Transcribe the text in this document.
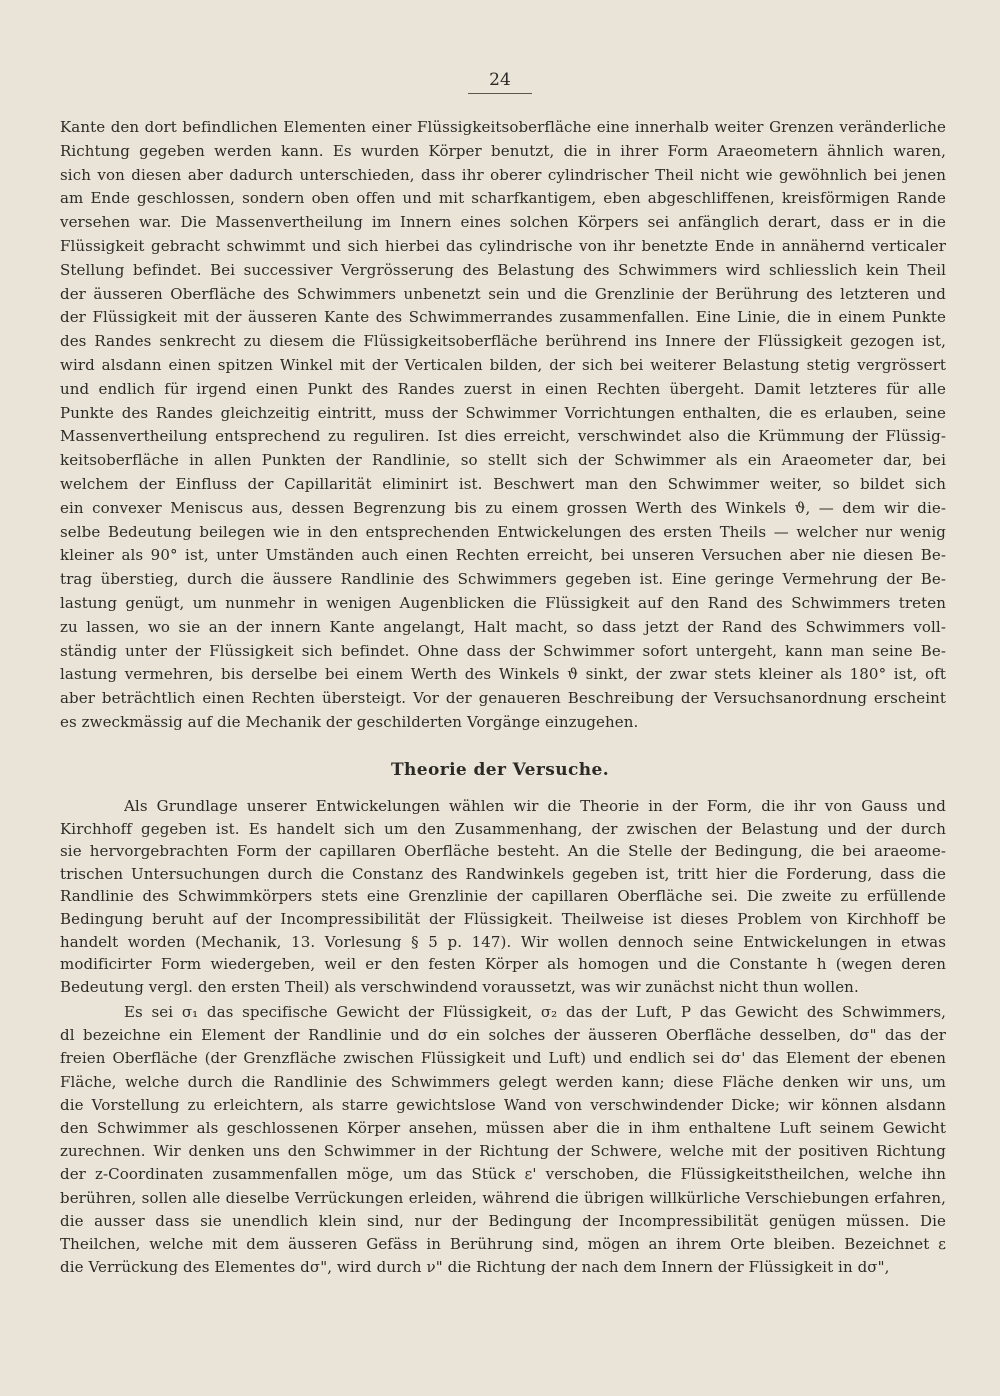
24
Kante den dort befindlichen Elementen einer Flüssigkeitsoberfläche eine innerhalb weiter Grenzen veränderliche
Richtung gegeben werden kann. Es wurden Körper benutzt, die in ihrer Form Araeometern ähnlich waren,
sich von diesen aber dadurch unterschieden, dass ihr oberer cylindrischer Theil nicht wie gewöhnlich bei jenen
am Ende geschlossen, sondern oben offen und mit scharfkantigem, eben abgeschliffenen, kreisförmigen Rande
versehen war. Die Massenvertheilung im Innern eines solchen Körpers sei anfänglich derart, dass er in die
Flüssigkeit gebracht schwimmt und sich hierbei das cylindrische von ihr benetzte Ende in annähernd verticaler
Stellung befindet. Bei successiver Vergrösserung des Belastung des Schwimmers wird schliesslich kein Theil
der äusseren Oberfläche des Schwimmers unbenetzt sein und die Grenzlinie der Berührung des letzteren und
der Flüssigkeit mit der äusseren Kante des Schwimmerrandes zusammenfallen. Eine Linie, die in einem Punkte
des Randes senkrecht zu diesem die Flüssigkeitsoberfläche berührend ins Innere der Flüssigkeit gezogen ist,
wird alsdann einen spitzen Winkel mit der Verticalen bilden, der sich bei weiterer Belastung stetig vergrössert
und endlich für irgend einen Punkt des Randes zuerst in einen Rechten übergeht. Damit letzteres für alle
Punkte des Randes gleichzeitig eintritt, muss der Schwimmer Vorrichtungen enthalten, die es erlauben, seine
Massenvertheilung entsprechend zu reguliren. Ist dies erreicht, verschwindet also die Krümmung der Flüssig-
keitsoberfläche in allen Punkten der Randlinie, so stellt sich der Schwimmer als ein Araeometer dar, bei
welchem der Einfluss der Capillarität eliminirt ist. Beschwert man den Schwimmer weiter, so bildet sich
ein convexer Meniscus aus, dessen Begrenzung bis zu einem grossen Werth des Winkels ϑ, — dem wir die-
selbe Bedeutung beilegen wie in den entsprechenden Entwickelungen des ersten Theils — welcher nur wenig
kleiner als 90° ist, unter Umständen auch einen Rechten erreicht, bei unseren Versuchen aber nie diesen Be-
trag überstieg, durch die äussere Randlinie des Schwimmers gegeben ist. Eine geringe Vermehrung der Be-
lastung genügt, um nunmehr in wenigen Augenblicken die Flüssigkeit auf den Rand des Schwimmers treten
zu lassen, wo sie an der innern Kante angelangt, Halt macht, so dass jetzt der Rand des Schwimmers voll-
ständig unter der Flüssigkeit sich befindet. Ohne dass der Schwimmer sofort untergeht, kann man seine Be-
lastung vermehren, bis derselbe bei einem Werth des Winkels ϑ sinkt, der zwar stets kleiner als 180° ist, oft
aber beträchtlich einen Rechten übersteigt. Vor der genaueren Beschreibung der Versuchsanordnung erscheint
es zweckmässig auf die Mechanik der geschilderten Vorgänge einzugehen.
Theorie der Versuche.
Als Grundlage unserer Entwickelungen wählen wir die Theorie in der Form, die ihr von Gauss und
Kirchhoff gegeben ist. Es handelt sich um den Zusammenhang, der zwischen der Belastung und der durch
sie hervorgebrachten Form der capillaren Oberfläche besteht. An die Stelle der Bedingung, die bei araeome-
trischen Untersuchungen durch die Constanz des Randwinkels gegeben ist, tritt hier die Forderung, dass die
Randlinie des Schwimmkörpers stets eine Grenzlinie der capillaren Oberfläche sei. Die zweite zu erfüllende
Bedingung beruht auf der Incompressibilität der Flüssigkeit. Theilweise ist dieses Problem von Kirchhoff be
handelt worden (Mechanik, 13. Vorlesung § 5 p. 147). Wir wollen dennoch seine Entwickelungen in etwas
modificirter Form wiedergeben, weil er den festen Körper als homogen und die Constante h (wegen deren
Bedeutung vergl. den ersten Theil) als verschwindend voraussetzt, was wir zunächst nicht thun wollen.
Es sei σ₁ das specifische Gewicht der Flüssigkeit, σ₂ das der Luft, P das Gewicht des Schwimmers,
dl bezeichne ein Element der Randlinie und dσ ein solches der äusseren Oberfläche desselben, dσ" das der
freien Oberfläche (der Grenzfläche zwischen Flüssigkeit und Luft) und endlich sei dσ' das Element der ebenen
Fläche, welche durch die Randlinie des Schwimmers gelegt werden kann; diese Fläche denken wir uns, um
die Vorstellung zu erleichtern, als starre gewichtslose Wand von verschwindender Dicke; wir können alsdann
den Schwimmer als geschlossenen Körper ansehen, müssen aber die in ihm enthaltene Luft seinem Gewicht
zurechnen. Wir denken uns den Schwimmer in der Richtung der Schwere, welche mit der positiven Richtung
der z-Coordinaten zusammenfallen möge, um das Stück ε' verschoben, die Flüssigkeitstheilchen, welche ihn
berühren, sollen alle dieselbe Verrückungen erleiden, während die übrigen willkürliche Verschiebungen erfahren,
die ausser dass sie unendlich klein sind, nur der Bedingung der Incompressibilität genügen müssen. Die
Theilchen, welche mit dem äusseren Gefäss in Berührung sind, mögen an ihrem Orte bleiben. Bezeichnet ε
die Verrückung des Elementes dσ", wird durch ν" die Richtung der nach dem Innern der Flüssigkeit in dσ",
